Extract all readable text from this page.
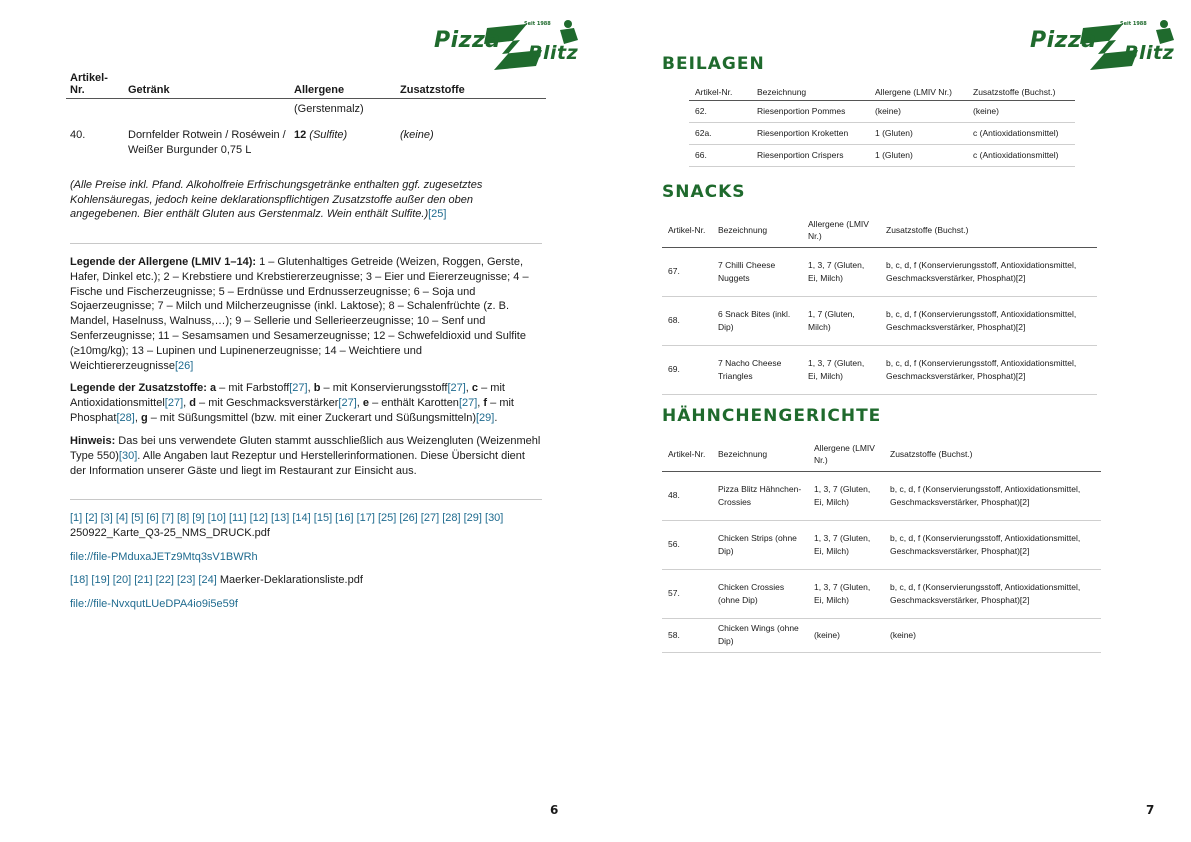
Pizza Blitz
Seit 1988
Artikel-Nr.	Getränk	Allergene	Zusatzstoffe
		(Gerstenmalz)	
40.	Dornfelder Rotwein / Roséwein / Weißer Burgunder 0,75 L	12 (Sulfite)	(keine)
(Alle Preise inkl. Pfand. Alkoholfreie Erfrischungsgetränke enthalten ggf. zugesetztes Kohlensäuregas, jedoch keine deklarationspflichtigen Zusatzstoffe außer den oben angegebenen. Bier enthält Gluten aus Gerstenmalz. Wein enthält Sulfite.)[25]
Legende der Allergene (LMIV 1–14): 1 – Glutenhaltiges Getreide (Weizen, Roggen, Gerste, Hafer, Dinkel etc.); 2 – Krebstiere und Krebstiererzeugnisse; 3 – Eier und Eiererzeugnisse; 4 – Fische und Fischerzeugnisse; 5 – Erdnüsse und Erdnusserzeugnisse; 6 – Soja und Sojaerzeugnisse; 7 – Milch und Milcherzeugnisse (inkl. Laktose); 8 – Schalenfrüchte (z. B. Mandel, Haselnuss, Walnuss,…); 9 – Sellerie und Sellerieerzeugnisse; 10 – Senf und Senferzeugnisse; 11 – Sesamsamen und Sesamerzeugnisse; 12 – Schwefeldioxid und Sulfite (≥10mg/kg); 13 – Lupinen und Lupinenerzeugnisse; 14 – Weichtiere und Weichtiererzeugnisse[26]
Legende der Zusatzstoffe: a – mit Farbstoff[27], b – mit Konservierungsstoff[27], c – mit Antioxidationsmittel[27], d – mit Geschmacksverstärker[27], e – enthält Karotten[27], f – mit Phosphat[28], g – mit Süßungsmittel (bzw. mit einer Zuckerart und Süßungsmitteln)[29].
Hinweis: Das bei uns verwendete Gluten stammt ausschließlich aus Weizengluten (Weizenmehl Type 550)[30]. Alle Angaben laut Rezeptur und Herstellerinformationen. Diese Übersicht dient der Information unserer Gäste und liegt im Restaurant zur Einsicht aus.
[1] [2] [3] [4] [5] [6] [7] [8] [9] [10] [11] [12] [13] [14] [15] [16] [17] [25] [26] [27] [28] [29] [30]
250922_Karte_Q3-25_NMS_DRUCK.pdf
file://file-PMduxaJETz9Mtq3sV1BWRh
[18] [19] [20] [21] [22] [23] [24] Maerker-Deklarationsliste.pdf
file://file-NvxqutLUeDPA4io9i5e59f
6
Pizza Blitz
Seit 1988
BEILAGEN
Artikel-Nr.	Bezeichnung	Allergene (LMIV Nr.)	Zusatzstoffe (Buchst.)
62.	Riesenportion Pommes	(keine)	(keine)
62a.	Riesenportion Kroketten	1 (Gluten)	c (Antioxidationsmittel)
66.	Riesenportion Crispers	1 (Gluten)	c (Antioxidationsmittel)
SNACKS
Artikel-Nr.	Bezeichnung	Allergene (LMIV Nr.)	Zusatzstoffe (Buchst.)
67.	7 Chilli Cheese Nuggets	1, 3, 7 (Gluten, Ei, Milch)	b, c, d, f (Konservierungsstoff, Antioxidationsmittel, Geschmacksverstärker, Phosphat)[2]
68.	6 Snack Bites (inkl. Dip)	1, 7 (Gluten, Milch)	b, c, d, f (Konservierungsstoff, Antioxidationsmittel, Geschmacksverstärker, Phosphat)[2]
69.	7 Nacho Cheese Triangles	1, 3, 7 (Gluten, Ei, Milch)	b, c, d, f (Konservierungsstoff, Antioxidationsmittel, Geschmacksverstärker, Phosphat)[2]
HÄHNCHENGERICHTE
Artikel-Nr.	Bezeichnung	Allergene (LMIV Nr.)	Zusatzstoffe (Buchst.)
48.	Pizza Blitz Hähnchen-Crossies	1, 3, 7 (Gluten, Ei, Milch)	b, c, d, f (Konservierungsstoff, Antioxidationsmittel, Geschmacksverstärker, Phosphat)[2]
56.	Chicken Strips (ohne Dip)	1, 3, 7 (Gluten, Ei, Milch)	b, c, d, f (Konservierungsstoff, Antioxidationsmittel, Geschmacksverstärker, Phosphat)[2]
57.	Chicken Crossies (ohne Dip)	1, 3, 7 (Gluten, Ei, Milch)	b, c, d, f (Konservierungsstoff, Antioxidationsmittel, Geschmacksverstärker, Phosphat)[2]
58.	Chicken Wings (ohne Dip)	(keine)	(keine)
7
